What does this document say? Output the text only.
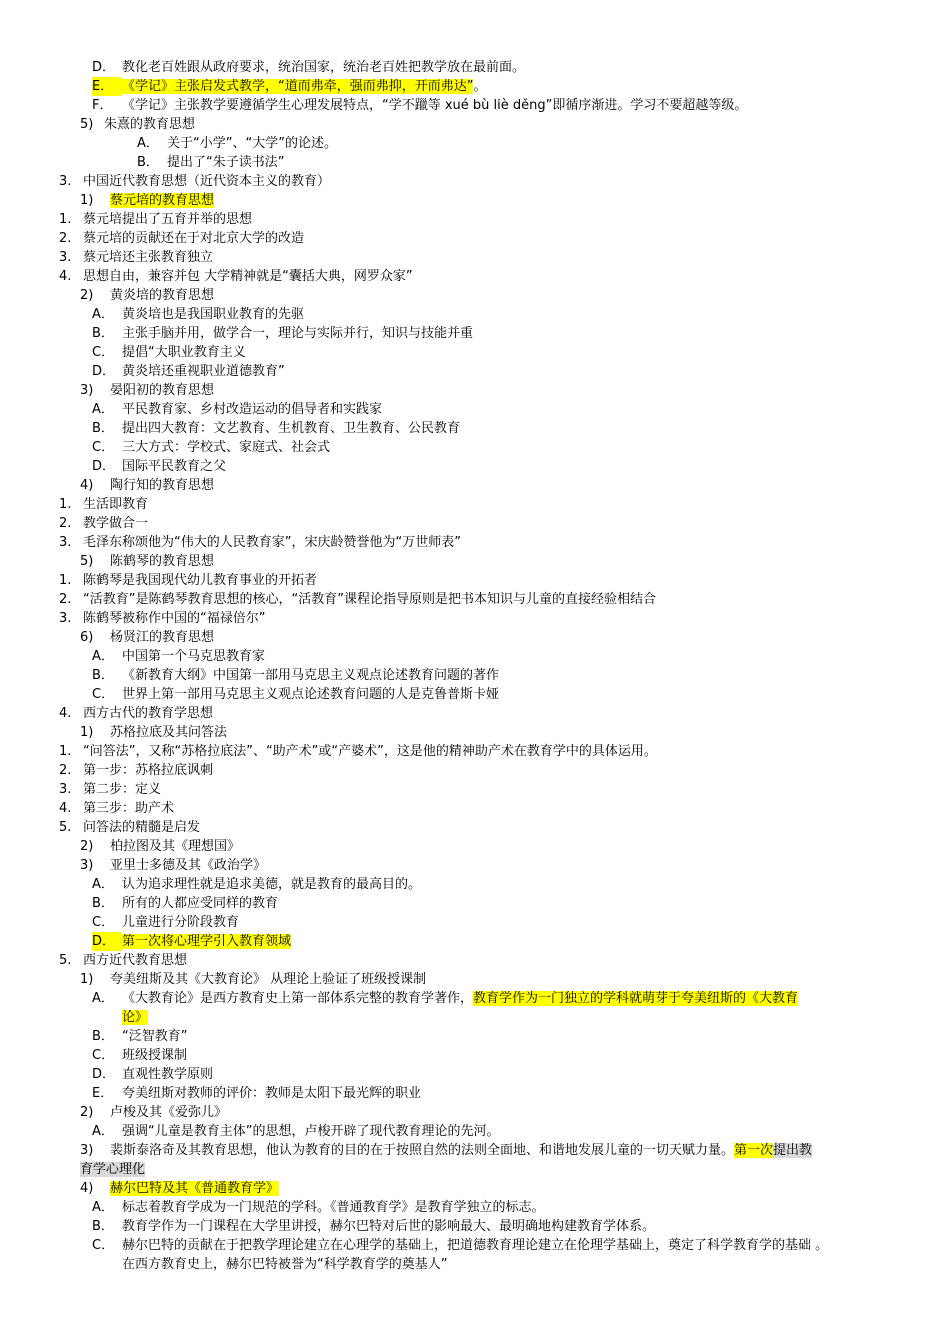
D． 教化老百姓跟从政府要求，统治国家，统治老百姓把教学放在最前面。
E． 《学记》主张启发式教学，“道而弗牵，强而弗抑，开而弗达”。
F． 《学记》主张教学要遵循学生心理发展特点，“学不躐等 xué bù liè děng”即循序渐进。学习不要超越等级。
5) 朱熹的教育思想
A． 关于“小学”、“大学”的论述。
B． 提出了“朱子读书法”
3. 中国近代教育思想（近代资本主义的教育）
1) 蔡元培的教育思想
1. 蔡元培提出了五育并举的思想
2. 蔡元培的贡献还在于对北京大学的改造
3. 蔡元培还主张教育独立
4. 思想自由，兼容并包 大学精神就是“囊括大典，网罗众家”
2) 黄炎培的教育思想
A． 黄炎培也是我国职业教育的先驱
B． 主张手脑并用，做学合一，理论与实际并行，知识与技能并重
C． 提倡“大职业教育主义
D． 黄炎培还重视职业道德教育”
3) 晏阳初的教育思想
A． 平民教育家、乡村改造运动的倡导者和实践家
B． 提出四大教育：文艺教育、生机教育、卫生教育、公民教育
C． 三大方式：学校式、家庭式、社会式
D． 国际平民教育之父
4) 陶行知的教育思想
1. 生活即教育
2. 教学做合一
3. 毛泽东称颂他为“伟大的人民教育家”，宋庆龄赞誉他为“万世师表”
5) 陈鹤琴的教育思想
1. 陈鹤琴是我国现代幼儿教育事业的开拓者
2. “活教育”是陈鹤琴教育思想的核心，“活教育”课程论指导原则是把书本知识与儿童的直接经验相结合
3. 陈鹤琴被称作中国的“福禄倍尔”
6) 杨贤江的教育思想
A． 中国第一个马克思教育家
B． 《新教育大纲》中国第一部用马克思主义观点论述教育问题的著作
C． 世界上第一部用马克思主义观点论述教育问题的人是克鲁普斯卡娅
4. 西方古代的教育学思想
1) 苏格拉底及其问答法
1. “问答法”，又称“苏格拉底法”、“助产术”或“产婆术”，这是他的精神助产术在教育学中的具体运用。
2. 第一步：苏格拉底讽刺
3. 第二步：定义
4. 第三步：助产术
5. 问答法的精髓是启发
2) 柏拉图及其《理想国》
3) 亚里士多德及其《政治学》
A． 认为追求理性就是追求美德，就是教育的最高目的。
B． 所有的人都应受同样的教育
C． 儿童进行分阶段教育
D． 第一次将心理学引入教育领域
5. 西方近代教育思想
1) 夸美纽斯及其《大教育论》 从理论上验证了班级授课制
A． 《大教育论》是西方教育史上第一部体系完整的教育学著作，教育学作为一门独立的学科就萌芽于夸美纽斯的《大教育
论》
B． “泛智教育”
C． 班级授课制
D． 直观性教学原则
E． 夸美纽斯对教师的评价：教师是太阳下最光辉的职业
2) 卢梭及其《爱弥儿》
A． 强调“儿童是教育主体”的思想，卢梭开辟了现代教育理论的先河。
3) 裴斯泰洛奇及其教育思想，他认为教育的目的在于按照自然的法则全面地、和谐地发展儿童的一切天赋力量。第一次提出教
育学心理化
4) 赫尔巴特及其《普通教育学》
A． 标志着教育学成为一门规范的学科。《普通教育学》是教育学独立的标志。
B． 教育学作为一门课程在大学里讲授，赫尔巴特对后世的影响最大、最明确地构建教育学体系。
C． 赫尔巴特的贡献在于把教学理论建立在心理学的基础上，把道德教育理论建立在伦理学基础上，奠定了科学教育学的基础 。
在西方教育史上，赫尔巴特被誉为“科学教育学的奠基人”
